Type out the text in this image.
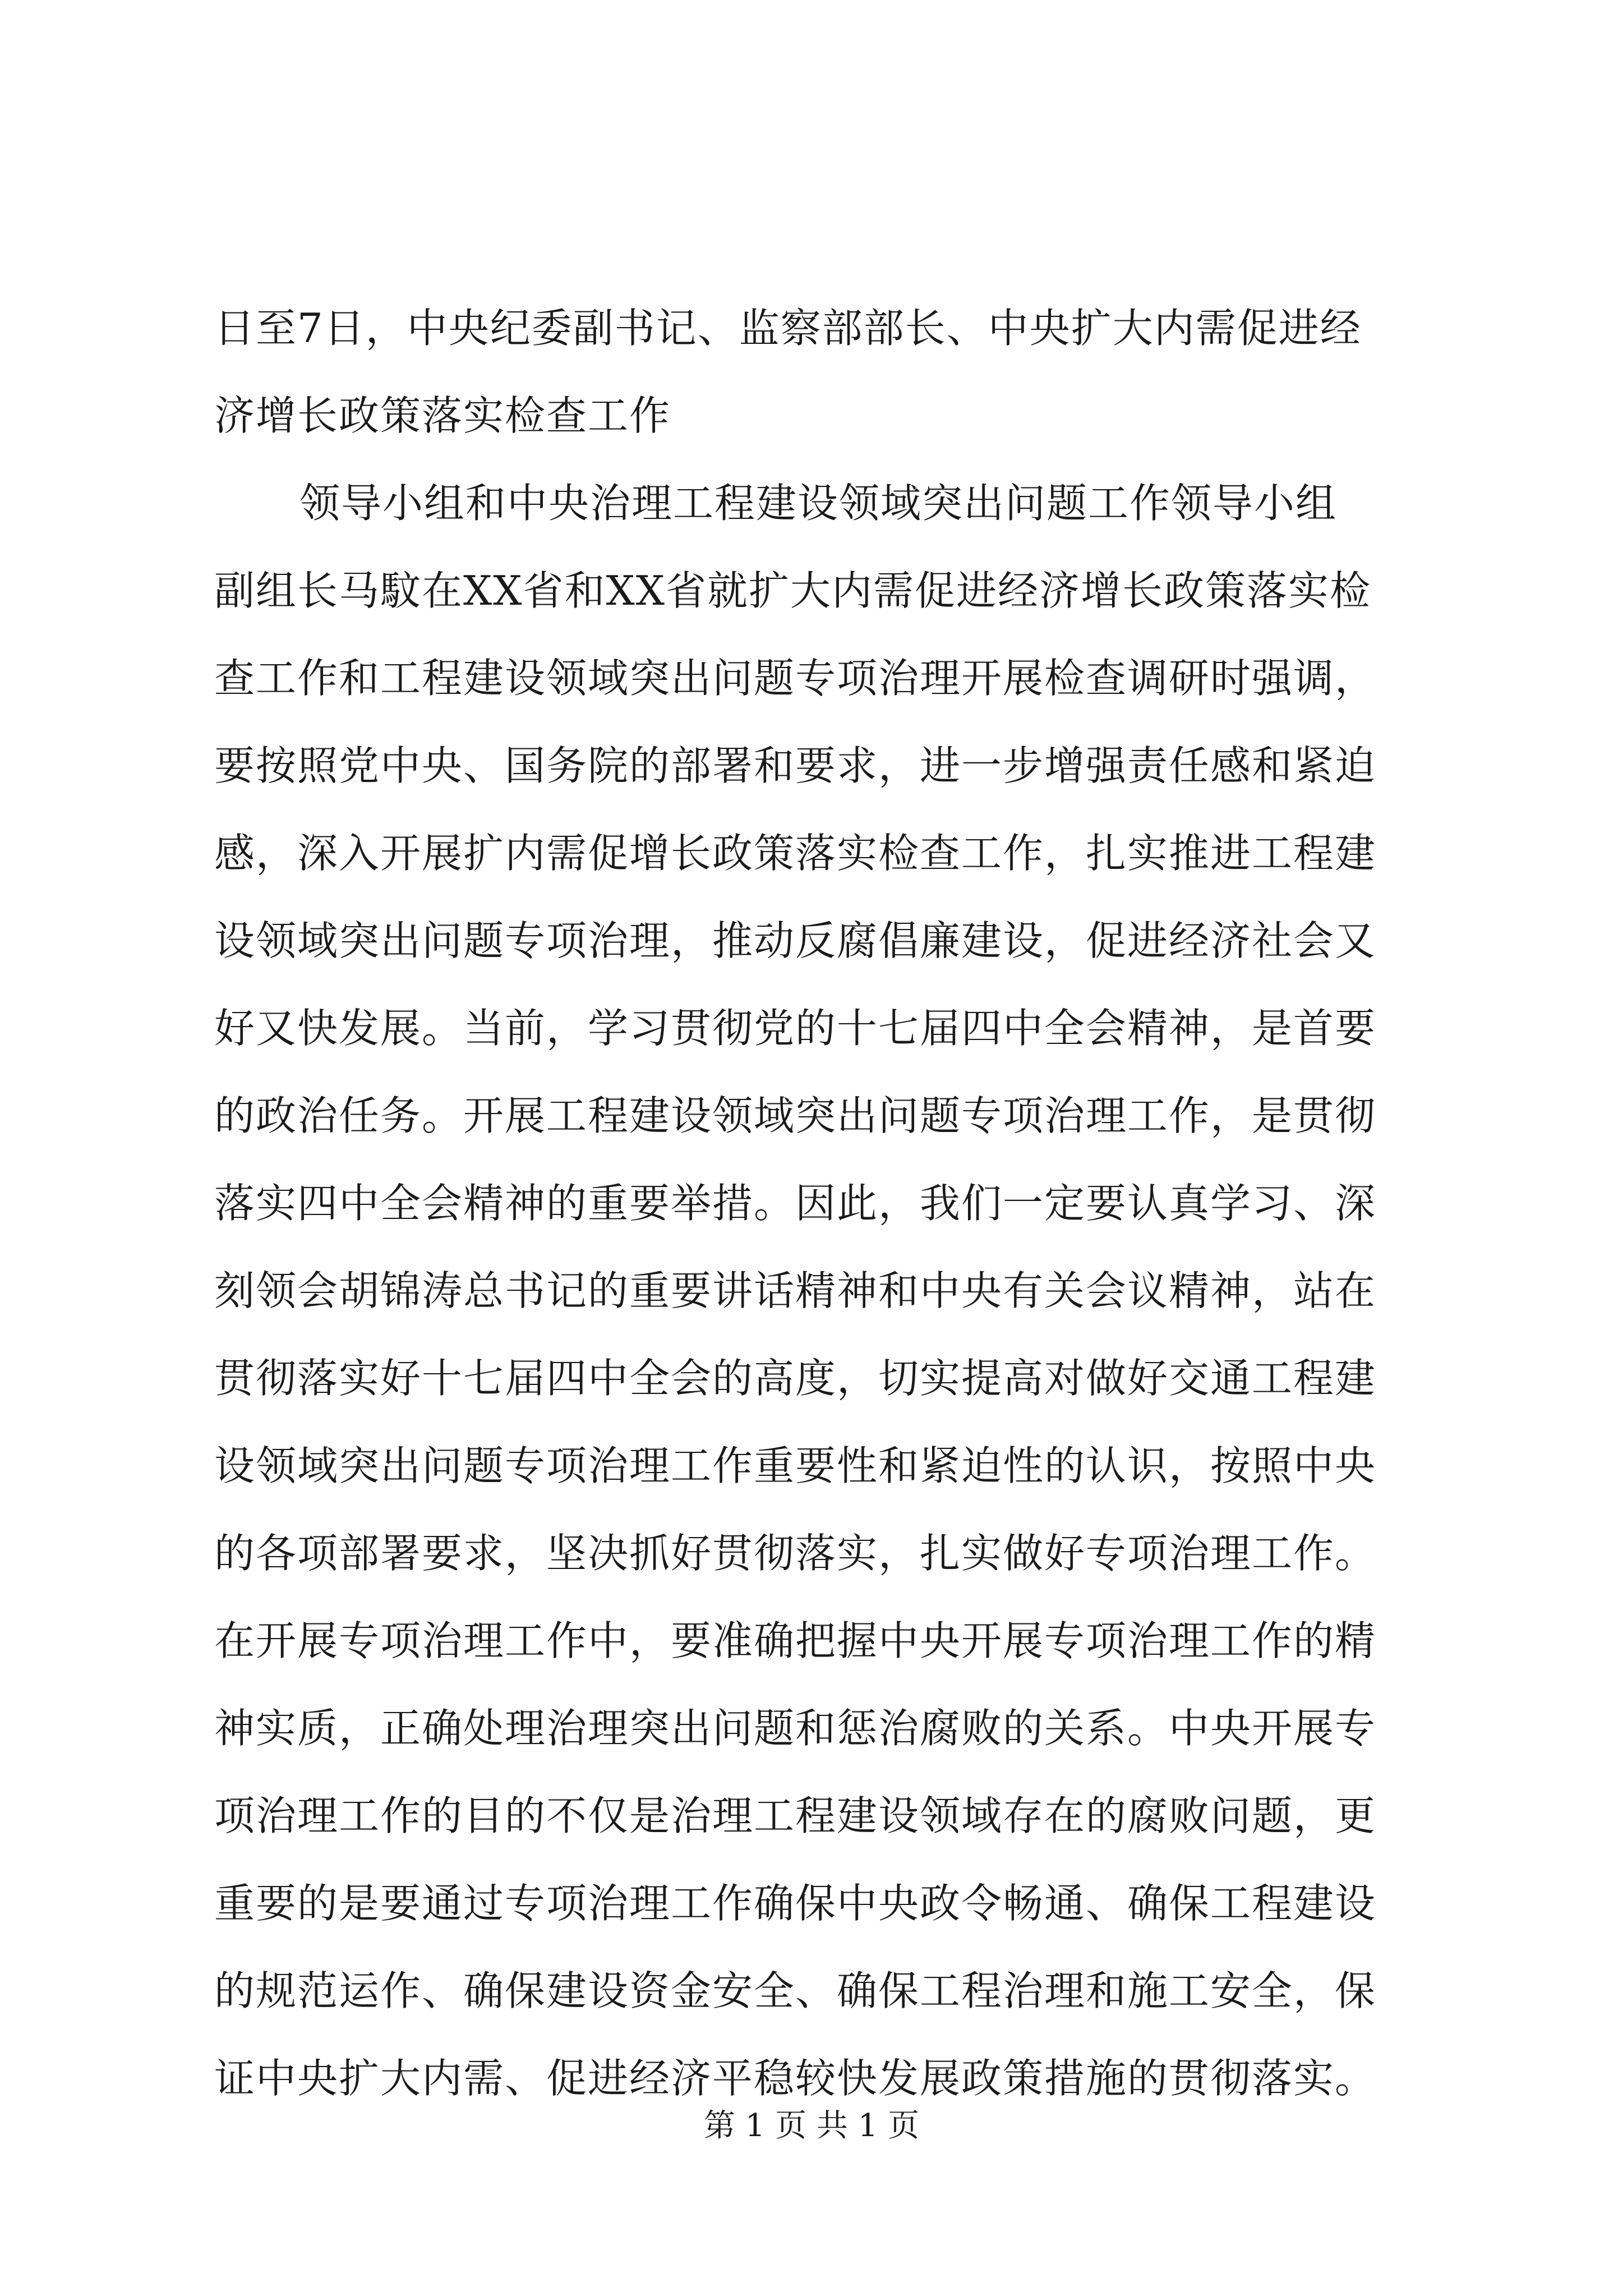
日至7日，中央纪委副书记、监察部部长、中央扩大内需促进经
济增长政策落实检查工作
领导小组和中央治理工程建设领域突出问题工作领导小组
副组长马馼在XX省和XX省就扩大内需促进经济增长政策落实检
查工作和工程建设领域突出问题专项治理开展检查调研时强调，
要按照党中央、国务院的部署和要求，进一步增强责任感和紧迫
感，深入开展扩内需促增长政策落实检查工作，扎实推进工程建
设领域突出问题专项治理，推动反腐倡廉建设，促进经济社会又
好又快发展。当前，学习贯彻党的十七届四中全会精神，是首要
的政治任务。开展工程建设领域突出问题专项治理工作，是贯彻
落实四中全会精神的重要举措。因此，我们一定要认真学习、深
刻领会胡锦涛总书记的重要讲话精神和中央有关会议精神，站在
贯彻落实好十七届四中全会的高度，切实提高对做好交通工程建
设领域突出问题专项治理工作重要性和紧迫性的认识，按照中央
的各项部署要求，坚决抓好贯彻落实，扎实做好专项治理工作。
在开展专项治理工作中，要准确把握中央开展专项治理工作的精
神实质，正确处理治理突出问题和惩治腐败的关系。中央开展专
项治理工作的目的不仅是治理工程建设领域存在的腐败问题，更
重要的是要通过专项治理工作确保中央政令畅通、确保工程建设
的规范运作、确保建设资金安全、确保工程治理和施工安全，保
证中央扩大内需、促进经济平稳较快发展政策措施的贯彻落实。
第 1 页 共 1 页
